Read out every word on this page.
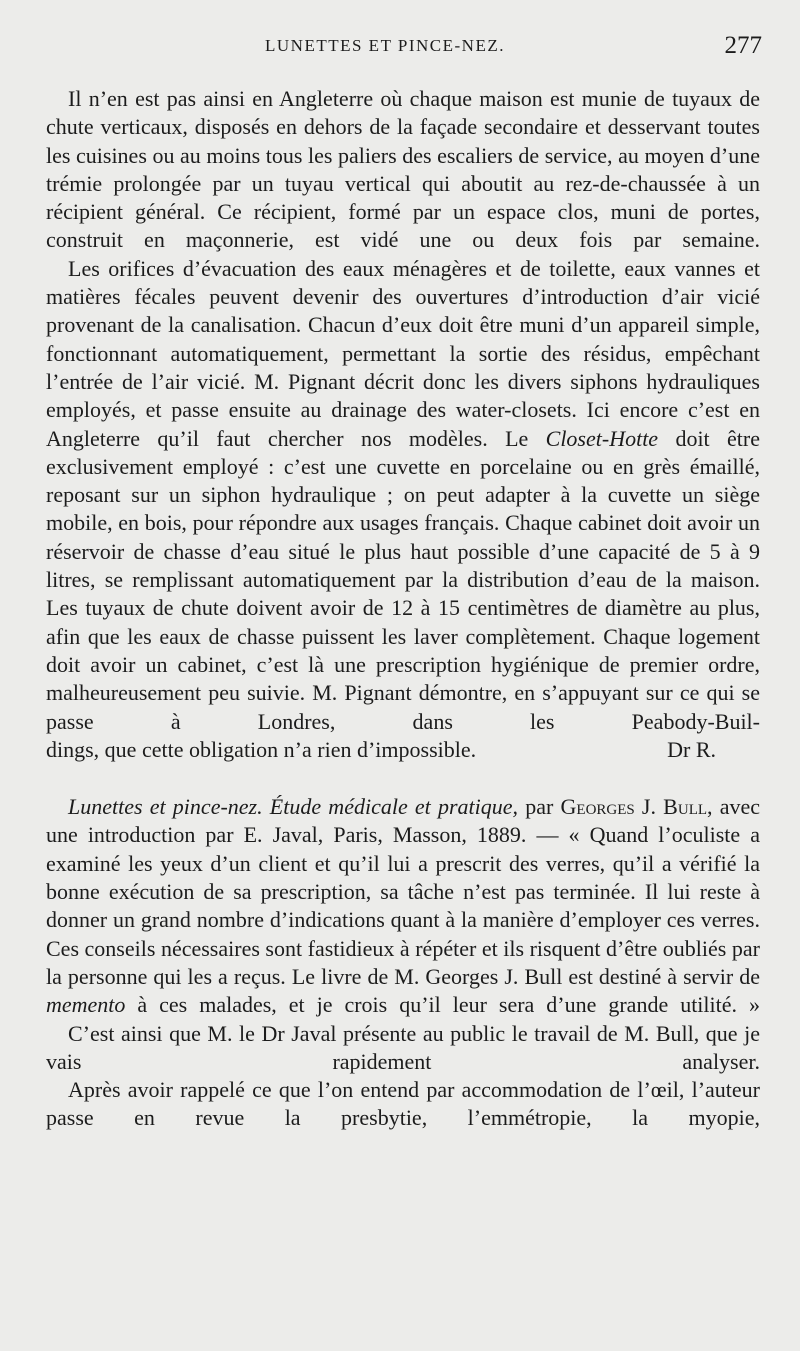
LUNETTES ET PINCE-NEZ.	277

Il n’en est pas ainsi en Angleterre où chaque maison est munie de tuyaux de chute verticaux, disposés en dehors de la façade secondaire et desservant toutes les cuisines ou au moins tous les paliers des escaliers de service, au moyen d’une trémie prolongée par un tuyau vertical qui aboutit au rez-de-chaussée à un récipient général. Ce récipient, formé par un espace clos, muni de portes, construit en maçonnerie, est vidé une ou deux fois par semaine.

Les orifices d’évacuation des eaux ménagères et de toilette, eaux vannes et matières fécales peuvent devenir des ouvertures d’introduction d’air vicié provenant de la canalisation. Chacun d’eux doit être muni d’un appareil simple, fonctionnant automatiquement, permettant la sortie des résidus, empêchant l’entrée de l’air vicié. M. Pignant décrit donc les divers siphons hydrauliques employés, et passe ensuite au drainage des water-closets. Ici encore c’est en Angleterre qu’il faut chercher nos modèles. Le Closet-Hotte doit être exclusivement employé : c’est une cuvette en porcelaine ou en grès émaillé, reposant sur un siphon hydraulique ; on peut adapter à la cuvette un siège mobile, en bois, pour répondre aux usages français. Chaque cabinet doit avoir un réservoir de chasse d’eau situé le plus haut possible d’une capacité de 5 à 9 litres, se remplissant automatiquement par la distribution d’eau de la maison. Les tuyaux de chute doivent avoir de 12 à 15 centimètres de diamètre au plus, afin que les eaux de chasse puissent les laver complètement. Chaque logement doit avoir un cabinet, c’est là une prescription hygiénique de premier ordre, malheureusement peu suivie. M. Pignant démontre, en s’appuyant sur ce qui se passe à Londres, dans les Peabody-Buil-

dings, que cette obligation n’a rien d’impossible.	Dr R.

Lunettes et pince-nez. Étude médicale et pratique, par Georges J. Bull, avec une introduction par E. Javal, Paris, Masson, 1889. — « Quand l’oculiste a examiné les yeux d’un client et qu’il lui a prescrit des verres, qu’il a vérifié la bonne exécution de sa prescription, sa tâche n’est pas terminée. Il lui reste à donner un grand nombre d’indications quant à la manière d’employer ces verres. Ces conseils nécessaires sont fastidieux à répéter et ils risquent d’être oubliés par la personne qui les a reçus. Le livre de M. Georges J. Bull est destiné à servir de memento à ces malades, et je crois qu’il leur sera d’une grande utilité. »

C’est ainsi que M. le Dr Javal présente au public le travail de M. Bull, que je vais rapidement analyser.

Après avoir rappelé ce que l’on entend par accommodation de l’œil, l’auteur passe en revue la presbytie, l’emmétropie, la myopie,
